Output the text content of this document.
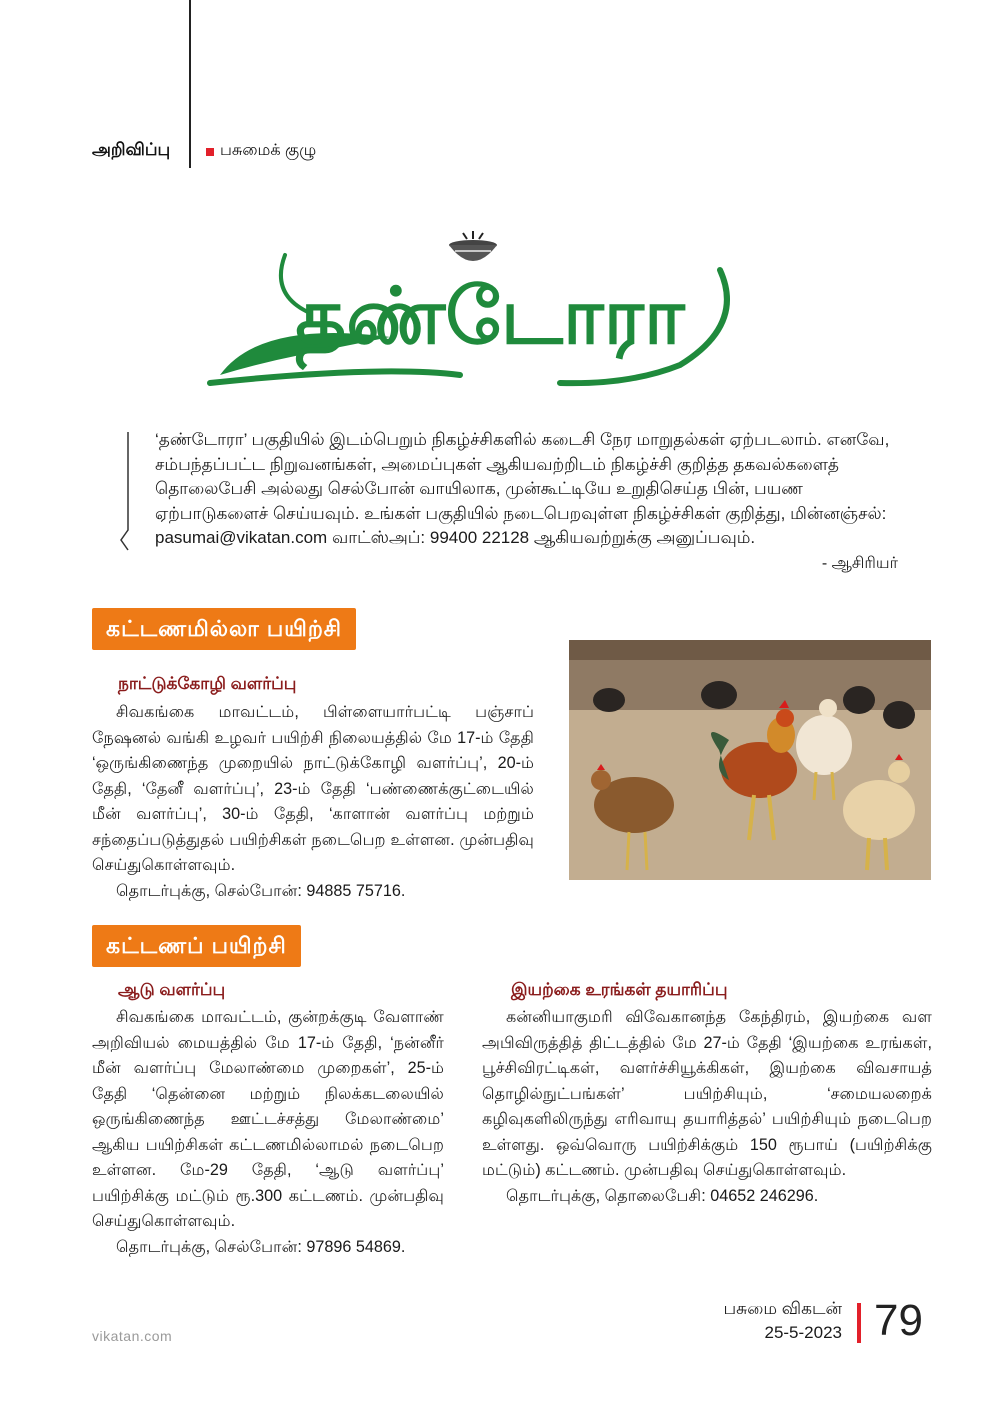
அறிவிப்பு	பசுமைக் குழு
தண்டோரா

‘தண்டோரா’ பகுதியில் இடம்பெறும் நிகழ்ச்சிகளில் கடைசி நேர மாறுதல்கள் ஏற்படலாம். எனவே,

சம்பந்தப்பட்ட நிறுவனங்கள், அமைப்புகள் ஆகியவற்றிடம் நிகழ்ச்சி குறித்த தகவல்களைத்

தொலைபேசி அல்லது செல்போன் வாயிலாக, முன்கூட்டியே உறுதிசெய்த பின், பயண

ஏற்பாடுகளைச் செய்யவும். உங்கள் பகுதியில் நடைபெறவுள்ள நிகழ்ச்சிகள் குறித்து, மின்னஞ்சல்:

pasumai@vikatan.com வாட்ஸ்அப்: 99400 22128 ஆகியவற்றுக்கு அனுப்பவும்.

- ஆசிரியர்
கட்டணமில்லா பயிற்சி
நாட்டுக்கோழி வளர்ப்பு

சிவகங்கை மாவட்டம், பிள்ளையார்பட்டி பஞ்சாப் நேஷனல் வங்கி உழவர் பயிற்சி நிலையத்தில் மே 17-ம் தேதி ‘ஒருங்கிணைந்த முறையில் நாட்டுக்கோழி வளர்ப்பு’, 20-ம் தேதி, ‘தேனீ வளர்ப்பு’, 23-ம் தேதி ‘பண்ணைக்குட்டையில் மீன் வளர்ப்பு’, 30-ம் தேதி, ‘காளான் வளர்ப்பு மற்றும் சந்தைப்படுத்துதல் பயிற்சிகள் நடைபெற உள்ளன. முன்பதிவு செய்துகொள்ளவும்.

தொடர்புக்கு, செல்போன்: 94885 75716.

கட்டணப் பயிற்சி
ஆடு வளர்ப்பு

சிவகங்கை மாவட்டம், குன்றக்குடி வேளாண் அறிவியல் மையத்தில் மே 17-ம் தேதி, ‘நன்னீர் மீன் வளர்ப்பு மேலாண்மை முறைகள்’, 25-ம் தேதி ‘தென்னை மற்றும் நிலக்கடலையில் ஒருங்கிணைந்த ஊட்டச்சத்து மேலாண்மை’ ஆகிய பயிற்சிகள் கட்டணமில்லாமல் நடைபெற உள்ளன. மே-29 தேதி, ‘ஆடு வளர்ப்பு’ பயிற்சிக்கு மட்டும் ரூ.300 கட்டணம். முன்பதிவு செய்துகொள்ளவும்.

தொடர்புக்கு, செல்போன்: 97896 54869.

இயற்கை உரங்கள் தயாரிப்பு

கன்னியாகுமரி விவேகானந்த கேந்திரம், இயற்கை வள அபிவிருத்தித் திட்டத்தில் மே 27-ம் தேதி ‘இயற்கை உரங்கள், பூச்சிவிரட்டிகள், வளர்ச்சியூக்கிகள், இயற்கை விவசாயத் தொழில்நுட்பங்கள்’ பயிற்சியும், ‘சமையலறைக் கழிவுகளிலிருந்து எரிவாயு தயாரித்தல்’ பயிற்சியும் நடைபெற உள்ளது. ஒவ்வொரு பயிற்சிக்கும் 150 ரூபாய் (பயிற்சிக்கு மட்டும்) கட்டணம். முன்பதிவு செய்துகொள்ளவும்.

தொடர்புக்கு, தொலைபேசி: 04652 246296.

vikatan.com
பசுமை விகடன்
25-5-2023 79
